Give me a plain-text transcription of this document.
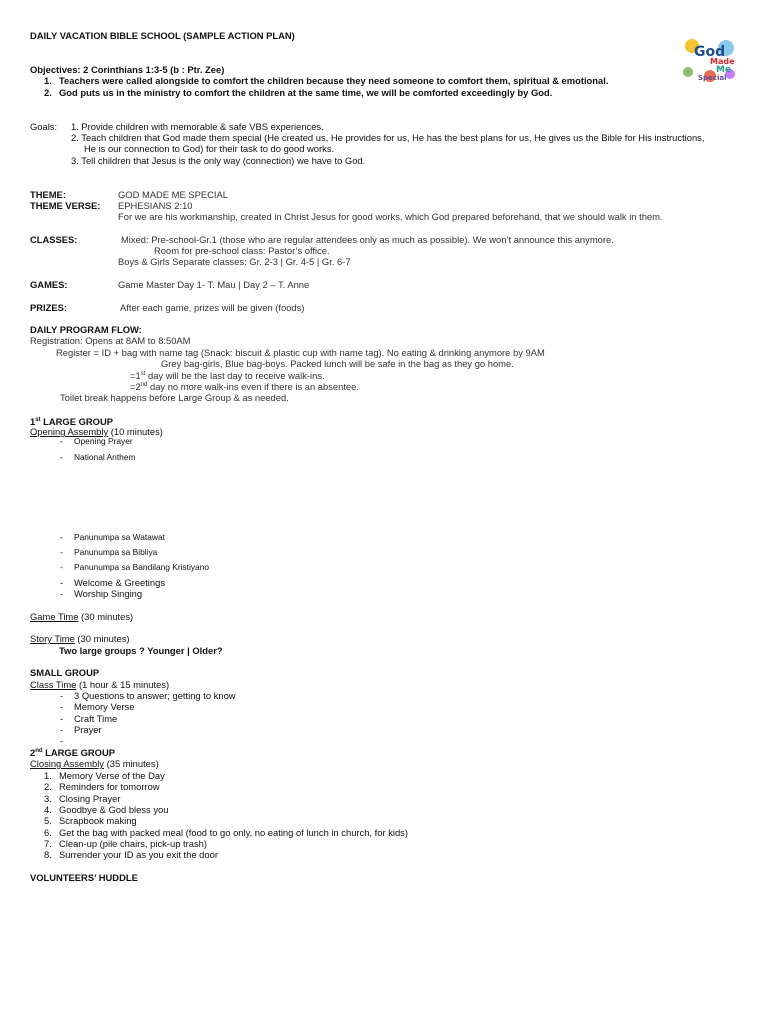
DAILY VACATION BIBLE SCHOOL (SAMPLE ACTION PLAN)
God
Made
Me
Special
Objectives: 2 Corinthians 1:3-5 (b : Ptr. Zee)
1. Teachers were called alongside to comfort the children because they need someone to comfort them, spiritual & emotional.
2. God puts us in the ministry to comfort the children at the same time, we will be comforted exceedingly by God.
Goals: 1. Provide children with memorable & safe VBS experiences.
2. Teach children that God made them special (He created us, He provides for us, He has the best plans for us, He gives us the Bible for His instructions,
He is our connection to God) for their task to do good works.
3. Tell children that Jesus is the only way (connection) we have to God.
THEME:	GOD MADE ME SPECIAL
THEME VERSE: EPHESIANS 2:10
For we are his workmanship, created in Christ Jesus for good works, which God prepared beforehand, that we should walk in them.
CLASSES:	Mixed: Pre-school-Gr.1 (those who are regular attendees only as much as possible). We won’t announce this anymore.
Room for pre-school class: Pastor’s office.
Boys & Girls Separate classes: Gr. 2-3 | Gr. 4-5 | Gr. 6-7
GAMES:	Game Master Day 1- T. Mau | Day 2 – T. Anne
PRIZES:	After each game, prizes will be given (foods)
DAILY PROGRAM FLOW:
Registration: Opens at 8AM to 8:50AM
Register = ID + bag with name tag (Snack: biscuit & plastic cup with name tag). No eating & drinking anymore by 9AM
Grey bag-girls, Blue bag-boys. Packed lunch will be safe in the bag as they go home.
=1st day will be the last day to receive walk-ins.
=2nd day no more walk-ins even if there is an absentee.
Toilet break happens before Large Group & as needed.
1st LARGE GROUP
Opening Assembly (10 minutes)
- Opening Prayer
- National Anthem
- Panunumpa sa Watawat
- Panunumpa sa Bibliya
- Panunumpa sa Bandilang Kristiyano
- Welcome & Greetings
- Worship Singing
Game Time (30 minutes)
Story Time (30 minutes)
Two large groups ? Younger | Older?
SMALL GROUP
Class Time (1 hour & 15 minutes)
- 3 Questions to answer; getting to know
- Memory Verse
- Craft Time
- Prayer
-
2nd LARGE GROUP
Closing Assembly (35 minutes)
1. Memory Verse of the Day
2. Reminders for tomorrow
3. Closing Prayer
4. Goodbye & God bless you
5. Scrapbook making
6. Get the bag with packed meal (food to go only, no eating of lunch in church, for kids)
7. Clean-up (pile chairs, pick-up trash)
8. Surrender your ID as you exit the door
VOLUNTEERS’ HUDDLE
